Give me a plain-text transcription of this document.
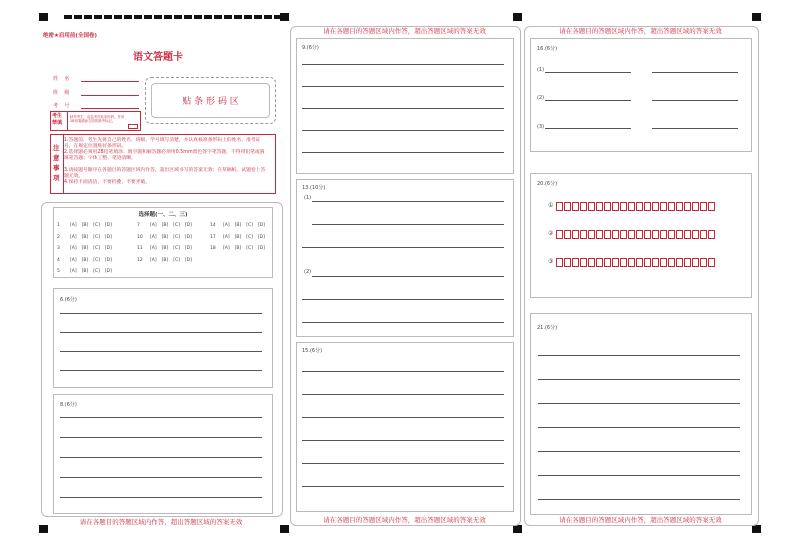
绝密★启用前(全国卷)
语文答题卡
姓    名
班    级
考    号	贴 条 形 码 区
考生
禁填
缺考考生，由监考员贴条形码，并用2B铅笔填涂右面的缺考标记。
注
意
事
项
1.答题前，考生先将自己的姓名、班级、学号填写清楚，并认真核准条形码上的姓名、准考证号，在规定位置贴好条形码。
2.选择题必须用2B铅笔填涂；填空题和解答题必须用0.5mm黑色签字笔答题，不得用铅笔或圆珠笔答题；字体工整、笔迹清晰。
3.请按题号顺序在各题目的答题区域内作答，超出区域书写的答案无效；在草稿纸、试题卷上答题无效。
4.保持卡面清洁，不要折叠、不要弄破。
选择题(一、二、三)
6.(6分)
8.(6分)
请在各题目的答题区域内作答，超出答题区域的答案无效
请在各题目的答题区域内作答，超出答题区域的答案无效
9.(6分)
13.(10分)
(1)
(2)
15.(6分)
请在各题目的答题区域内作答，超出答题区域的答案无效
请在各题目的答题区域内作答，超出答题区域的答案无效
16.(6分)
(1)
(2)
(3)
20.(6分)
①
②
③
21.(6分)
请在各题目的答题区域内作答，超出答题区域的答案无效
1 [A] [B] [C] [D]
2 [A] [B] [C] [D]
3 [A] [B] [C] [D]
4 [A] [B] [C] [D]
5 [A] [B] [C] [D]
7 [A] [B] [C] [D]
10 [A] [B] [C] [D]
11 [A] [B] [C] [D]
12 [A] [B] [C] [D]
14 [A] [B] [C] [D]
17 [A] [B] [C] [D]
18 [A] [B] [C] [D]
